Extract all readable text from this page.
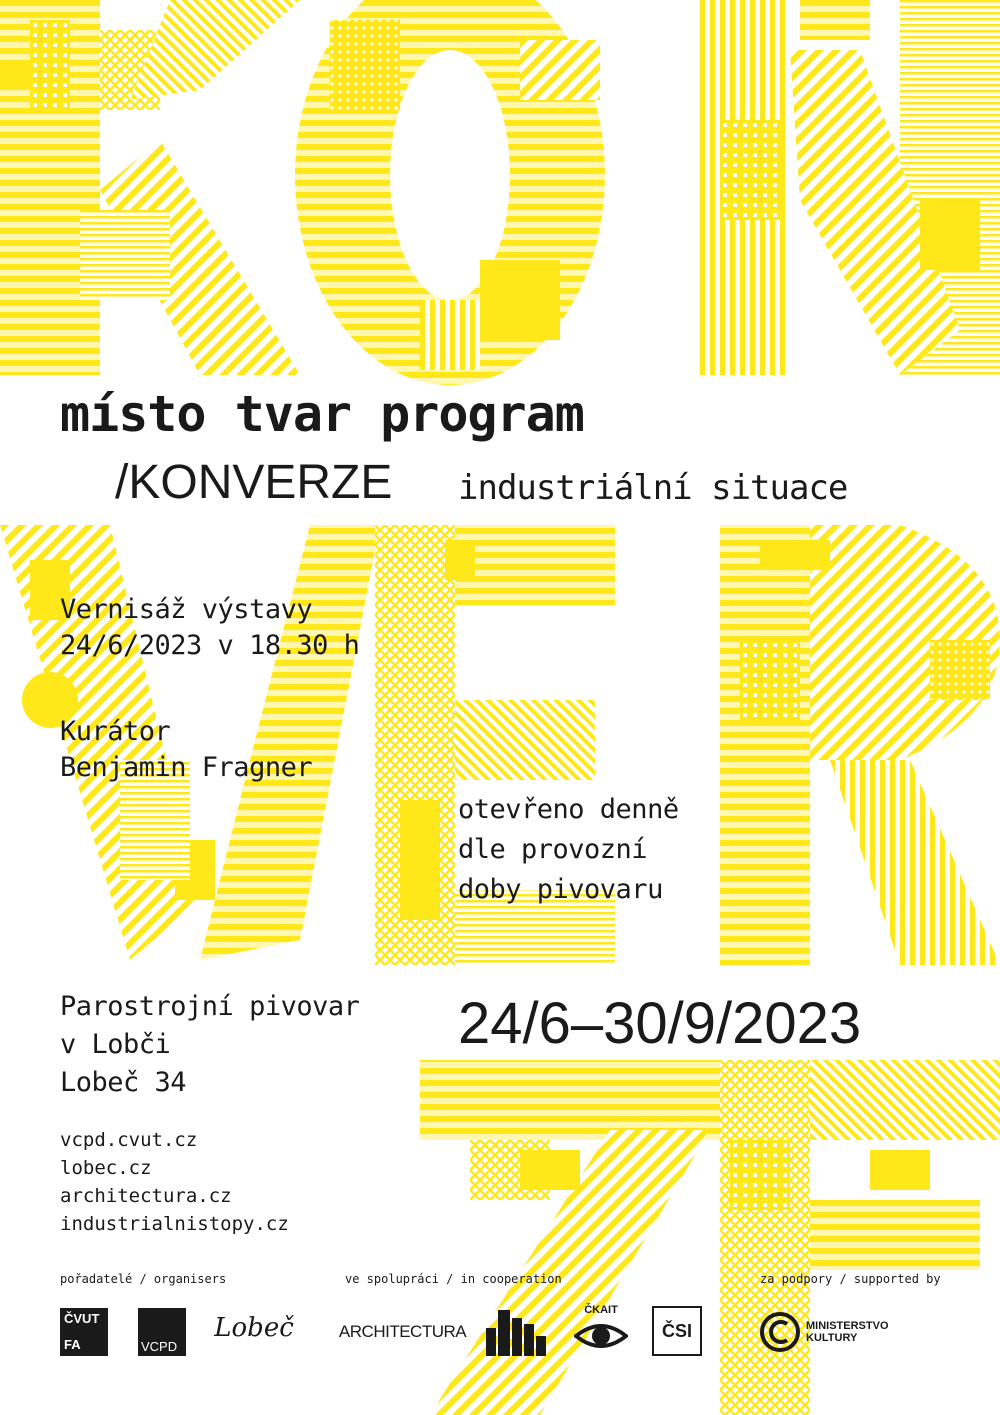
místo tvar program
/KONVERZE industriální situace
Vernisáž výstavy
24/6/2023 v 18.30 h
Kurátor
Benjamin Fragner
otevřeno denně
dle provozní
doby pivovaru
Parostrojní pivovar
v Lobči
Lobeč 34
24/6–30/9/2023
vcpd.cvut.cz
lobec.cz
architectura.cz
industrialnistopy.cz
pořadatelé / organisers	ve spolupráci / in cooperation	za podpory / supported by
ČVUT
FA	VCPD
Lobeč	ARCHITECTURA
ČKAIT
ČSI	MINISTERSTVO
KULTURY
